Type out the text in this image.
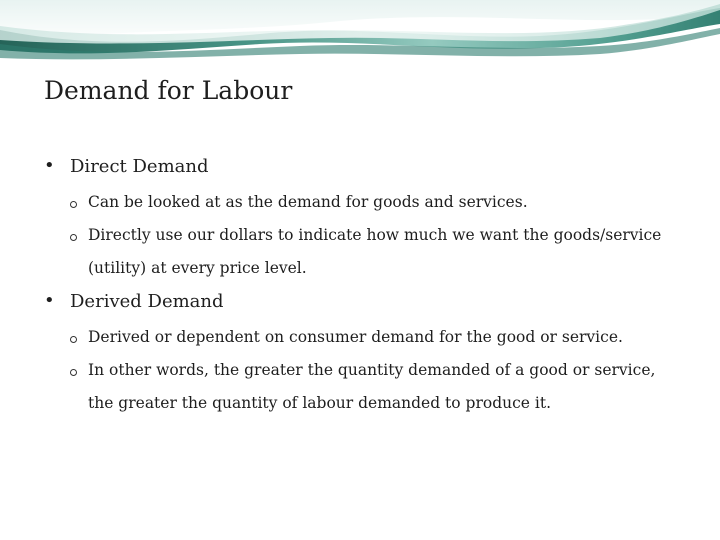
Demand for Labour

• Direct Demand

Can be looked at as the demand for goods and services.

Directly use our dollars to indicate how much we want the goods/service (utility) at every price level.

• Derived Demand

Derived or dependent on consumer demand for the good or service.

In other words, the greater the quantity demanded of a good or service, the greater the quantity of labour demanded to produce it.
